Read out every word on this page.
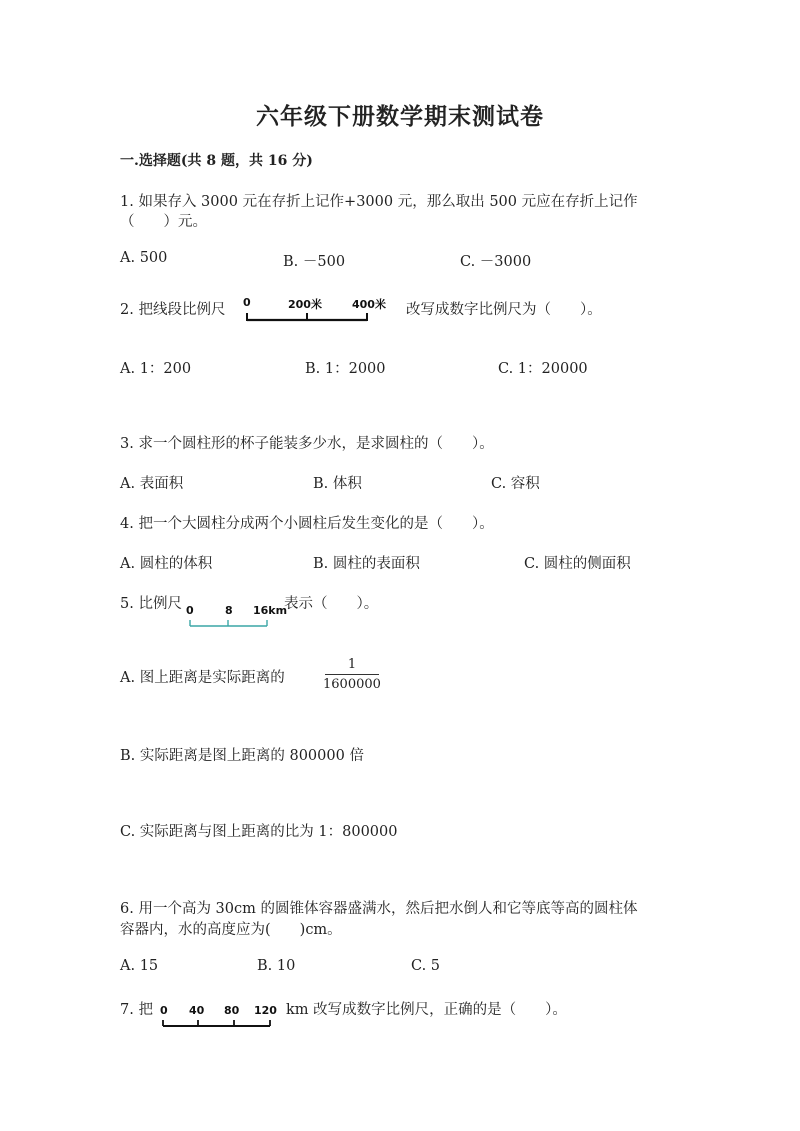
六年级下册数学期末测试卷
一.选择题(共 8 题，共 16 分)
1. 如果存入 3000 元在存折上记作+3000 元，那么取出 500 元应在存折上记作
（　　）元。
A. 500	B. －500	C. －3000
2. 把线段比例尺 0	200米	400米 改写成数字比例尺为（　　）。
A. 1：200	B. 1：2000	C. 1：20000
3. 求一个圆柱形的杯子能装多少水，是求圆柱的（　　）。
A. 表面积	B. 体积	C. 容积
4. 把一个大圆柱分成两个小圆柱后发生变化的是（　　）。
A. 圆柱的体积	B. 圆柱的表面积	C. 圆柱的侧面积
5. 比例尺 0	8 16km
表示（　　）。
A. 图上距离是实际距离的
1
1600000
B. 实际距离是图上距离的 800000 倍
C. 实际距离与图上距离的比为 1：800000
6. 用一个高为 30cm 的圆锥体容器盛满水，然后把水倒人和它等底等高的圆柱体
容器内，水的高度应为(　　)cm。
A. 15	B. 10	C. 5
7. 把 0 40 80 120 km 改写成数字比例尺，正确的是（　　）。
